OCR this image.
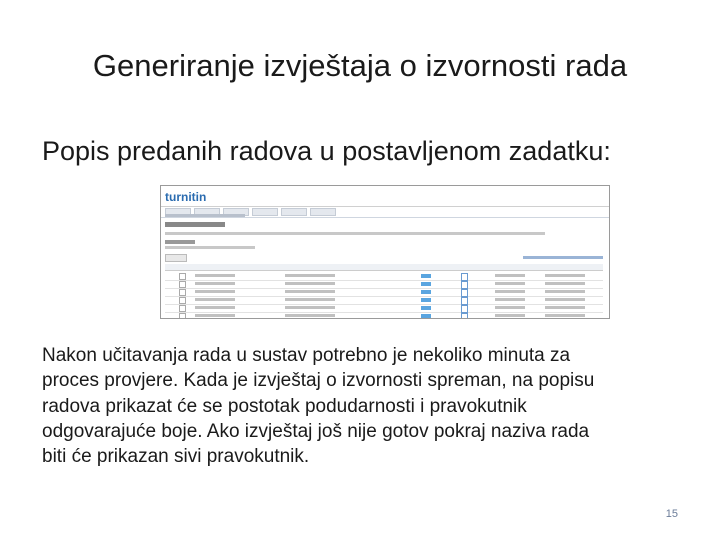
Generiranje izvještaja o izvornosti rada
Popis predanih radova u postavljenom zadatku:
turnitin
Nakon učitavanja rada u sustav potrebno je nekoliko minuta za
proces provjere. Kada je izvještaj o izvornosti spreman, na popisu
radova prikazat će se postotak podudarnosti i pravokutnik
odgovarajuće boje. Ako izvještaj još nije gotov pokraj naziva rada
biti će prikazan sivi pravokutnik.
15
